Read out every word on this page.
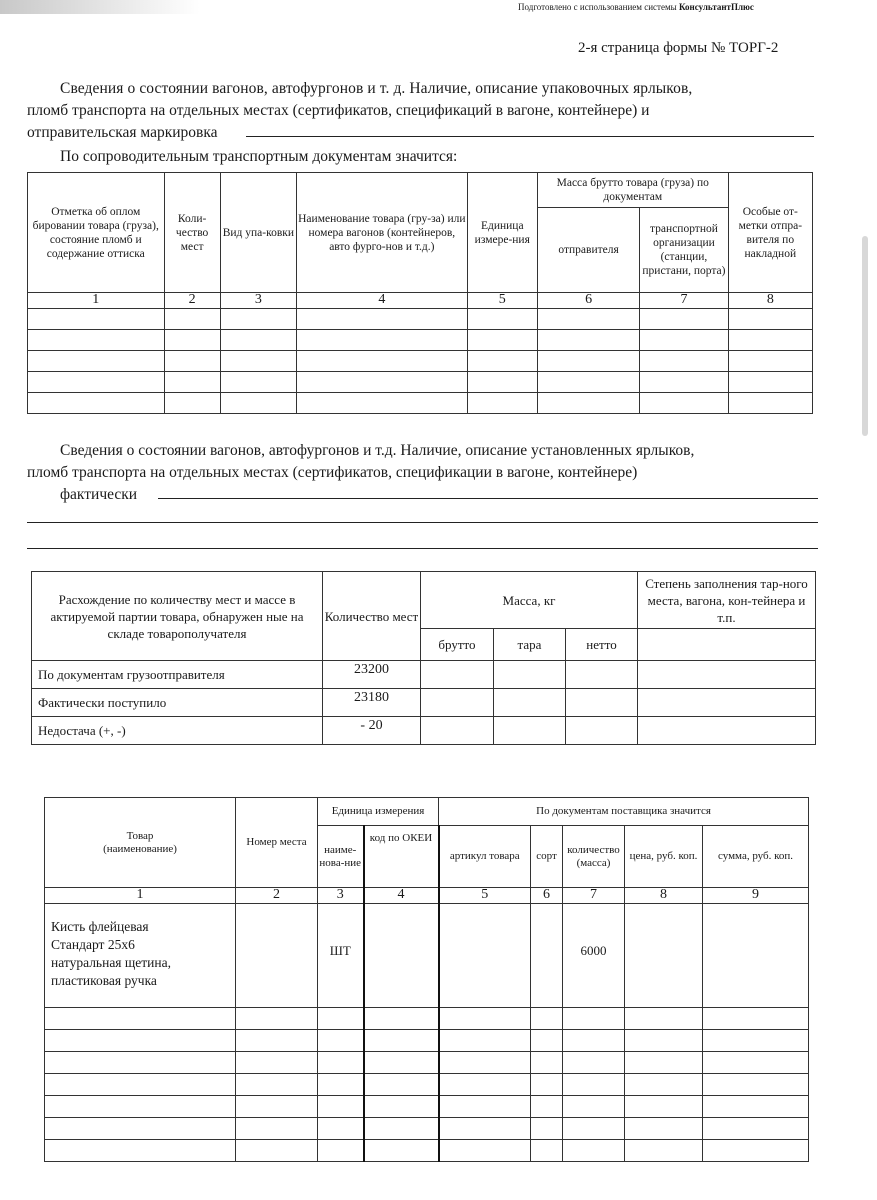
Подготовлено с использованием системы КонсультантПлюс
2-я страница формы № ТОРГ-2
Сведения о состоянии вагонов, автофургонов и т. д. Наличие, описание упаковочных ярлыков,
пломб транспорта на отдельных местах (сертификатов, спецификаций в вагоне, контейнере) и
отправительская маркировка
По сопроводительным транспортным документам значится:
Отметка об оплом бировании товара (груза), состояние пломб и содержание оттиска	Коли-чество мест	Вид упа-ковки	Наименование товара (гру-за) или номера вагонов (контейнеров, авто фурго-нов и т.д.)	Единица измере-ния	Масса брутто товара (груза) по документам		Особые от-метки отпра-вителя по накладной
					отправителя	транспортной организации (станции, пристани, порта)	
1	2	3	4	5	6	7	8

Сведения о состоянии вагонов, автофургонов и т.д. Наличие, описание установленных ярлыков,
пломб транспорта на отдельных местах (сертификатов, спецификации в вагоне, контейнере)
фактически
Расхождение по количеству мест и массе в актируемой партии товара, обнаружен ные на складе товарополучателя	Количество мест	Масса, кг			Степень заполнения тар-ного места, вагона, кон-тейнера и т.п.
		брутто	тара	нетто	
По документам грузоотправителя	23200				
Фактически поступило	23180				
Недостача (+, -)	- 20				
Товар (наименование)	Номер места	Единица измерения		По документам поставщика значится				
		наиме-нова-ние	код по ОКЕИ	артикул товара	сорт	количество (масса)	цена, руб. коп.	сумма, руб. коп.
1	2	3	4	5	6	7	8	9

Кисть флейцевая
Стандарт 25х6
натуральная щетина,
пластиковая ручка		ШТ				6000		
